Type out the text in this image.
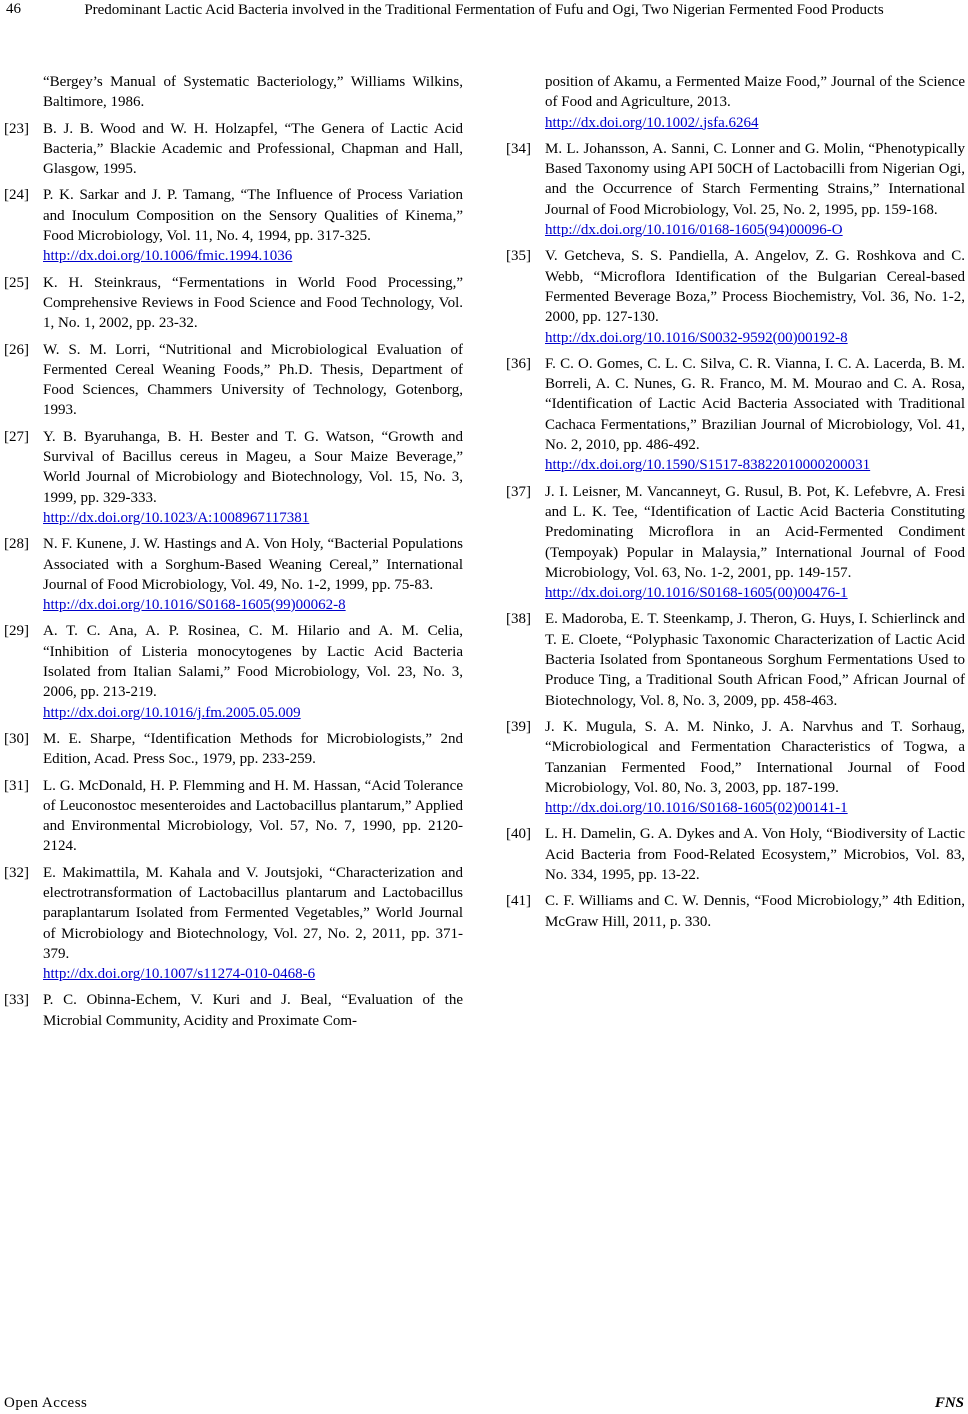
46	Predominant Lactic Acid Bacteria involved in the Traditional Fermentation of Fufu and Ogi, Two Nigerian Fermented Food Products
“Bergey’s Manual of Systematic Bacteriology,” Williams Wilkins, Baltimore, 1986.
[23] B. J. B. Wood and W. H. Holzapfel, “The Genera of Lactic Acid Bacteria,” Blackie Academic and Professional, Chapman and Hall, Glasgow, 1995.
[24] P. K. Sarkar and J. P. Tamang, “The Influence of Process Variation and Inoculum Composition on the Sensory Qualities of Kinema,” Food Microbiology, Vol. 11, No. 4, 1994, pp. 317-325.
http://dx.doi.org/10.1006/fmic.1994.1036
[25] K. H. Steinkraus, “Fermentations in World Food Processing,” Comprehensive Reviews in Food Science and Food Technology, Vol. 1, No. 1, 2002, pp. 23-32.
[26] W. S. M. Lorri, “Nutritional and Microbiological Evaluation of Fermented Cereal Weaning Foods,” Ph.D. Thesis, Department of Food Sciences, Chammers University of Technology, Gotenborg, 1993.
[27] Y. B. Byaruhanga, B. H. Bester and T. G. Watson, “Growth and Survival of Bacillus cereus in Mageu, a Sour Maize Beverage,” World Journal of Microbiology and Biotechnology, Vol. 15, No. 3, 1999, pp. 329-333.
http://dx.doi.org/10.1023/A:1008967117381
[28] N. F. Kunene, J. W. Hastings and A. Von Holy, “Bacterial Populations Associated with a Sorghum-Based Weaning Cereal,” International Journal of Food Microbiology, Vol. 49, No. 1-2, 1999, pp. 75-83.
http://dx.doi.org/10.1016/S0168-1605(99)00062-8
[29] A. T. C. Ana, A. P. Rosinea, C. M. Hilario and A. M. Celia, “Inhibition of Listeria monocytogenes by Lactic Acid Bacteria Isolated from Italian Salami,” Food Microbiology, Vol. 23, No. 3, 2006, pp. 213-219.
http://dx.doi.org/10.1016/j.fm.2005.05.009
[30] M. E. Sharpe, “Identification Methods for Microbiologists,” 2nd Edition, Acad. Press Soc., 1979, pp. 233-259.
[31] L. G. McDonald, H. P. Flemming and H. M. Hassan, “Acid Tolerance of Leuconostoc mesenteroides and Lactobacillus plantarum,” Applied and Environmental Microbiology, Vol. 57, No. 7, 1990, pp. 2120-2124.
[32] E. Makimattila, M. Kahala and V. Joutsjoki, “Characterization and electrotransformation of Lactobacillus plantarum and Lactobacillus paraplantarum Isolated from Fermented Vegetables,” World Journal of Microbiology and Biotechnology, Vol. 27, No. 2, 2011, pp. 371-379.
http://dx.doi.org/10.1007/s11274-010-0468-6
[33] P. C. Obinna-Echem, V. Kuri and J. Beal, “Evaluation of the Microbial Community, Acidity and Proximate Com-
position of Akamu, a Fermented Maize Food,” Journal of the Science of Food and Agriculture, 2013.
http://dx.doi.org/10.1002/.jsfa.6264
[34] M. L. Johansson, A. Sanni, C. Lonner and G. Molin, “Phenotypically Based Taxonomy using API 50CH of Lactobacilli from Nigerian Ogi, and the Occurrence of Starch Fermenting Strains,” International Journal of Food Microbiology, Vol. 25, No. 2, 1995, pp. 159-168.
http://dx.doi.org/10.1016/0168-1605(94)00096-O
[35] V. Getcheva, S. S. Pandiella, A. Angelov, Z. G. Roshkova and C. Webb, “Microflora Identification of the Bulgarian Cereal-based Fermented Beverage Boza,” Process Biochemistry, Vol. 36, No. 1-2, 2000, pp. 127-130.
http://dx.doi.org/10.1016/S0032-9592(00)00192-8
[36] F. C. O. Gomes, C. L. C. Silva, C. R. Vianna, I. C. A. Lacerda, B. M. Borreli, A. C. Nunes, G. R. Franco, M. M. Mourao and C. A. Rosa, “Identification of Lactic Acid Bacteria Associated with Traditional Cachaca Fermentations,” Brazilian Journal of Microbiology, Vol. 41, No. 2, 2010, pp. 486-492.
http://dx.doi.org/10.1590/S1517-83822010000200031
[37] J. I. Leisner, M. Vancanneyt, G. Rusul, B. Pot, K. Lefebvre, A. Fresi and L. K. Tee, “Identification of Lactic Acid Bacteria Constituting Predominating Microflora in an Acid-Fermented Condiment (Tempoyak) Popular in Malaysia,” International Journal of Food Microbiology, Vol. 63, No. 1-2, 2001, pp. 149-157.
http://dx.doi.org/10.1016/S0168-1605(00)00476-1
[38] E. Madoroba, E. T. Steenkamp, J. Theron, G. Huys, I. Schierlinck and T. E. Cloete, “Polyphasic Taxonomic Characterization of Lactic Acid Bacteria Isolated from Spontaneous Sorghum Fermentations Used to Produce Ting, a Traditional South African Food,” African Journal of Biotechnology, Vol. 8, No. 3, 2009, pp. 458-463.
[39] J. K. Mugula, S. A. M. Ninko, J. A. Narvhus and T. Sorhaug, “Microbiological and Fermentation Characteristics of Togwa, a Tanzanian Fermented Food,” International Journal of Food Microbiology, Vol. 80, No. 3, 2003, pp. 187-199.
http://dx.doi.org/10.1016/S0168-1605(02)00141-1
[40] L. H. Damelin, G. A. Dykes and A. Von Holy, “Biodiversity of Lactic Acid Bacteria from Food-Related Ecosystem,” Microbios, Vol. 83, No. 334, 1995, pp. 13-22.
[41] C. F. Williams and C. W. Dennis, “Food Microbiology,” 4th Edition, McGraw Hill, 2011, p. 330.
Open Access	FNS
